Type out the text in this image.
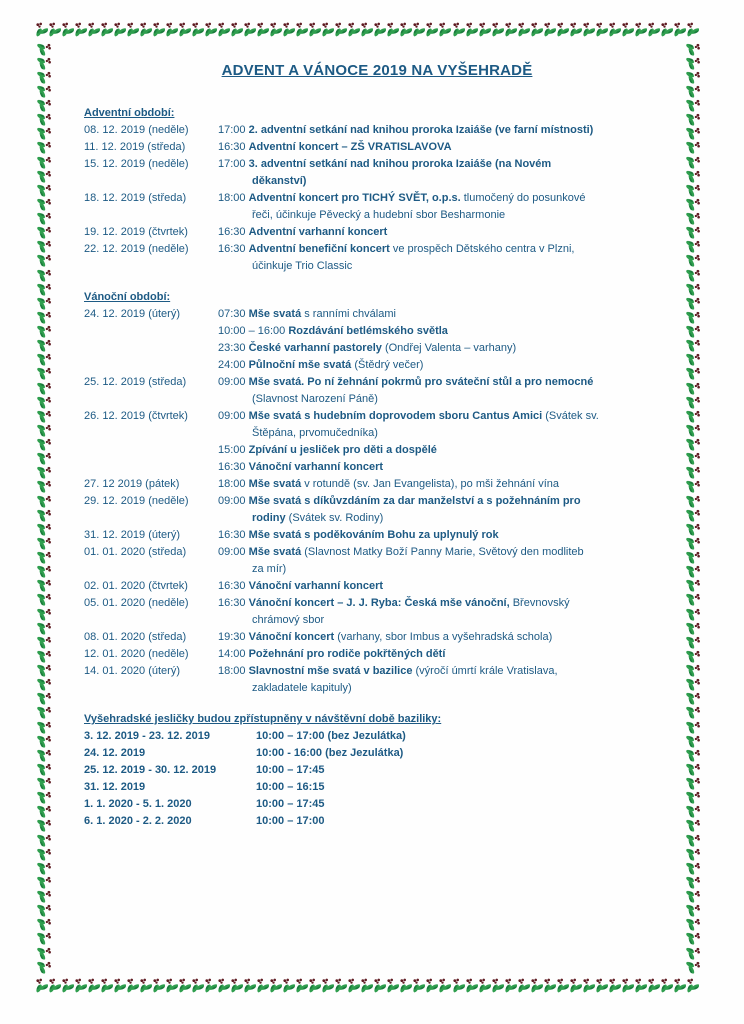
ADVENT A VÁNOCE 2019 NA VYŠEHRADĚ
Adventní období:
08. 12. 2019 (neděle)	17:00 2. adventní setkání nad knihou proroka Izaiáše (ve farní místnosti)
11. 12. 2019 (středa)	16:30 Adventní koncert – ZŠ VRATISLAVOVA
15. 12. 2019 (neděle)	17:00 3. adventní setkání nad knihou proroka Izaiáše (na Novém
děkanství)
18. 12. 2019 (středa)	18:00 Adventní koncert pro TICHÝ SVĚT, o.p.s. tlumočený do posunkové
řeči, účinkuje Pěvecký a hudební sbor Besharmonie
19. 12. 2019 (čtvrtek)	16:30 Adventní varhanní koncert
22. 12. 2019 (neděle)	16:30 Adventní benefiční koncert ve prospěch Dětského centra v Plzni,
účinkuje Trio Classic
Vánoční období:
24. 12. 2019 (úterý)	07:30 Mše svatá s ranními chválami
10:00 – 16:00 Rozdávání betlémského světla
23:30 České varhanní pastorely (Ondřej Valenta – varhany)
24:00 Půlnoční mše svatá (Štědrý večer)
25. 12. 2019 (středa)	09:00 Mše svatá. Po ní žehnání pokrmů pro sváteční stůl a pro nemocné
(Slavnost Narození Páně)
26. 12. 2019 (čtvrtek)	09:00 Mše svatá s hudebním doprovodem sboru Cantus Amici (Svátek sv.
Štěpána, prvomučedníka)
15:00 Zpívání u jesliček pro děti a dospělé
16:30 Vánoční varhanní koncert
27. 12 2019 (pátek)	18:00 Mše svatá v rotundě (sv. Jan Evangelista), po mši žehnání vína
29. 12. 2019 (neděle)	09:00 Mše svatá s díkůvzdáním za dar manželství a s požehnáním pro
rodiny (Svátek sv. Rodiny)
31. 12. 2019 (úterý)	16:30 Mše svatá s poděkováním Bohu za uplynulý rok
01. 01. 2020 (středa)	09:00 Mše svatá (Slavnost Matky Boží Panny Marie, Světový den modliteb
za mír)
02. 01. 2020 (čtvrtek)	16:30 Vánoční varhanní koncert
05. 01. 2020 (neděle)	16:30 Vánoční koncert – J. J. Ryba: Česká mše vánoční, Břevnovský
chrámový sbor
08. 01. 2020 (středa)	19:30 Vánoční koncert (varhany, sbor Imbus a vyšehradská schola)
12. 01. 2020 (neděle)	14:00 Požehnání pro rodiče pokřtěných dětí
14. 01. 2020 (úterý)	18:00 Slavnostní mše svatá v bazilice (výročí úmrtí krále Vratislava,
zakladatele kapituly)
Vyšehradské jesličky budou zpřístupněny v návštěvní době baziliky:
3. 12. 2019 - 23. 12. 2019	10:00 – 17:00 (bez Jezulátka)
24. 12. 2019	10:00 - 16:00 (bez Jezulátka)
25. 12. 2019 - 30. 12. 2019	10:00 – 17:45
31. 12. 2019	10:00 – 16:15
1. 1. 2020 - 5. 1. 2020	10:00 – 17:45
6. 1. 2020 - 2. 2. 2020	10:00 – 17:00
